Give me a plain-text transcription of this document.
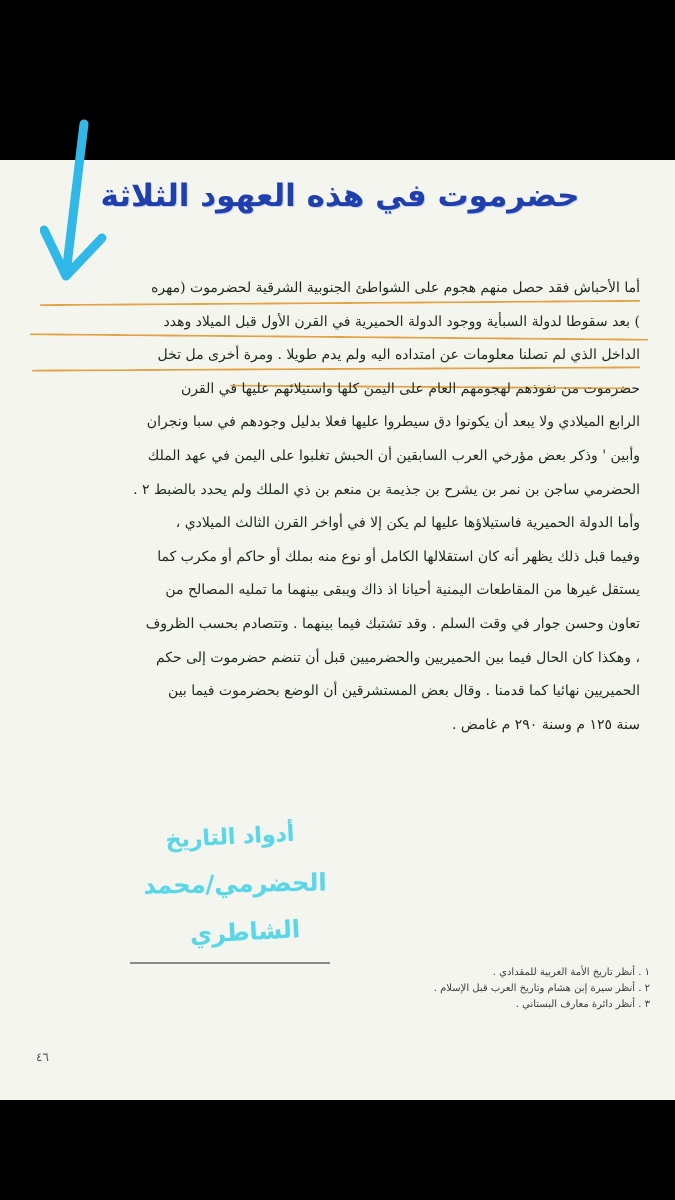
حضرموت في هذه العهود الثلاثة

أما الأحباش فقد حصل منهم هجوم على الشواطئ الجنوبية الشرقية لحضرموت (مهره

) بعد سقوطا لدولة السبأية ووجود الدولة الحميرية في القرن الأول قبل الميلاد وهدد

الداخل الذي لم تصلنا معلومات عن امتداده اليه ولم يدم طويلا . ومرة أخرى مل تخل

حضرموت من نفوذهم لهجومهم العام على اليمن كلها واستيلائهم عليها في القرن

الرابع الميلادي ولا يبعد أن يكونوا دق سيطروا عليها فعلا بدليل وجودهم في سبا ونجران

وأبين ' وذكر بعض مؤرخي العرب السابقين أن الحبش تغلبوا على اليمن في عهد الملك

الحضرمي ساجن بن نمر بن يشرح بن جذيمة بن منعم بن ذي الملك ولم يحدد بالضبط ٢ .

وأما الدولة الحميرية فاستيلاؤها عليها لم يكن إلا في أواخر القرن الثالث الميلادي ،

وفيما قبل ذلك يظهر أنه كان استقلالها الكامل أو نوع منه بملك أو حاكم أو مكرب كما

يستقل غيرها من المقاطعات اليمنية أحيانا اذ ذاك ويبقى بينهما ما تمليه المصالح من

تعاون وحسن جوار في وقت السلم . وقد تشتبك فيما بينهما . وتتصادم بحسب الظروف

، وهكذا كان الحال فيما بين الحميريين والحضرميين قبل أن تنضم حضرموت إلى حكم

الحميريين نهائيا كما قدمنا . وقال بعض المستشرقين أن الوضع بحضرموت فيما بين

سنة ١٢٥ م وسنة ٢٩٠ م غامض .

أدواد التاريخ
الحضرمي/محمد
الشاطري
١ . أنظر تاريخ الأمة العربية للمقدادي .
٢ . أنظر سيرة إبن هشام وتاريخ العرب قبل الإسلام .
٣ . أنظر دائرة معارف البستاني .
٤٦
